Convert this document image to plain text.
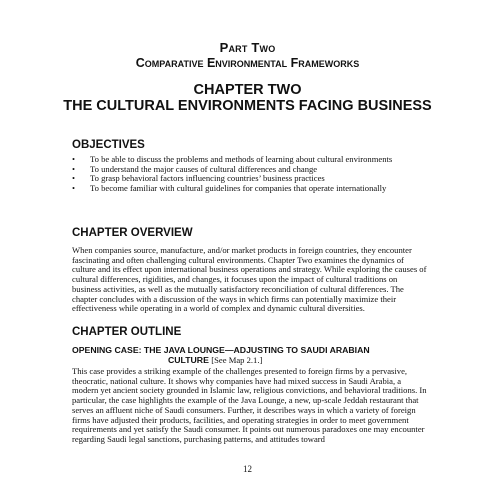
Part Two
Comparative Environmental Frameworks
CHAPTER TWO
THE CULTURAL ENVIRONMENTS FACING BUSINESS
OBJECTIVES
• To be able to discuss the problems and methods of learning about cultural environments
• To understand the major causes of cultural differences and change
• To grasp behavioral factors influencing countries’ business practices
• To become familiar with cultural guidelines for companies that operate internationally
CHAPTER OVERVIEW

When companies source, manufacture, and/or market products in foreign countries, they encounter fascinating and often challenging cultural environments. Chapter Two examines the dynamics of culture and its effect upon international business operations and strategy. While exploring the causes of cultural differences, rigidities, and changes, it focuses upon the impact of cultural traditions on business activities, as well as the mutually satisfactory reconciliation of cultural differences. The chapter concludes with a discussion of the ways in which firms can potentially maximize their effectiveness while operating in a world of complex and dynamic cultural diversities.

CHAPTER OUTLINE
OPENING CASE: THE JAVA LOUNGE—ADJUSTING TO SAUDI ARABIAN
CULTURE [See Map 2.1.]

This case provides a striking example of the challenges presented to foreign firms by a pervasive, theocratic, national culture. It shows why companies have had mixed success in Saudi Arabia, a modern yet ancient society grounded in Islamic law, religious convictions, and behavioral traditions. In particular, the case highlights the example of the Java Lounge, a new, up-scale Jeddah restaurant that serves an affluent niche of Saudi consumers. Further, it describes ways in which a variety of foreign firms have adjusted their products, facilities, and operating strategies in order to meet government requirements and yet satisfy the Saudi consumer. It points out numerous paradoxes one may encounter regarding Saudi legal sanctions, purchasing patterns, and attitudes toward

12
